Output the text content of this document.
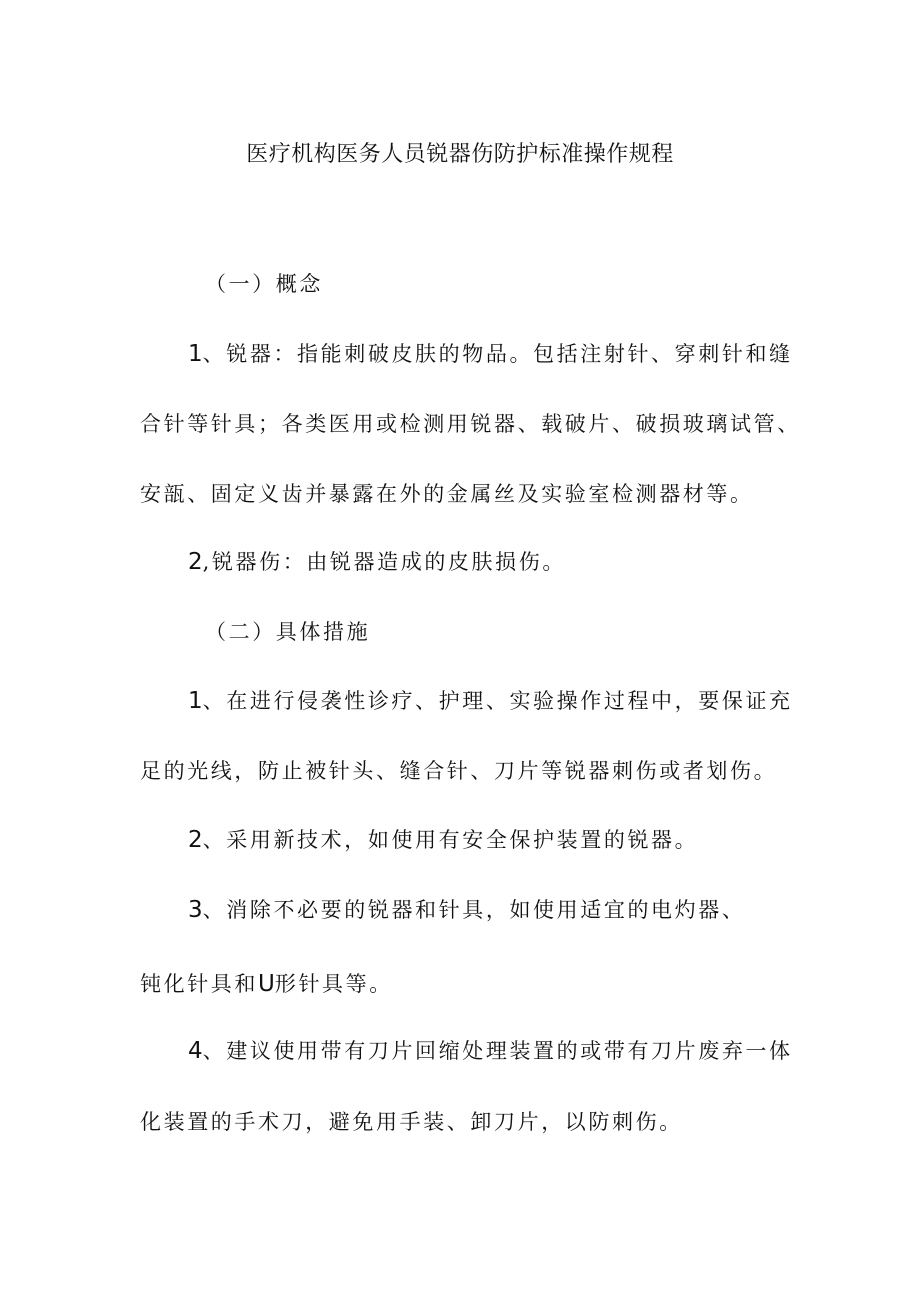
医疗机构医务人员锐器伤防护标准操作规程
（一）概念
1、锐器：指能刺破皮肤的物品。包括注射针、穿刺针和缝
合针等针具；各类医用或检测用锐器、载破片、破损玻璃试管、
安瓿、固定义齿并暴露在外的金属丝及实验室检测器材等。
2,锐器伤：由锐器造成的皮肤损伤。
（二）具体措施
1、在进行侵袭性诊疗、护理、实验操作过程中，要保证充
足的光线，防止被针头、缝合针、刀片等锐器刺伤或者划伤。
2、采用新技术，如使用有安全保护装置的锐器。
3、消除不必要的锐器和针具，如使用适宜的电灼器、
钝化针具和U形针具等。
4、建议使用带有刀片回缩处理装置的或带有刀片废弃一体
化装置的手术刀，避免用手装、卸刀片，以防刺伤。
